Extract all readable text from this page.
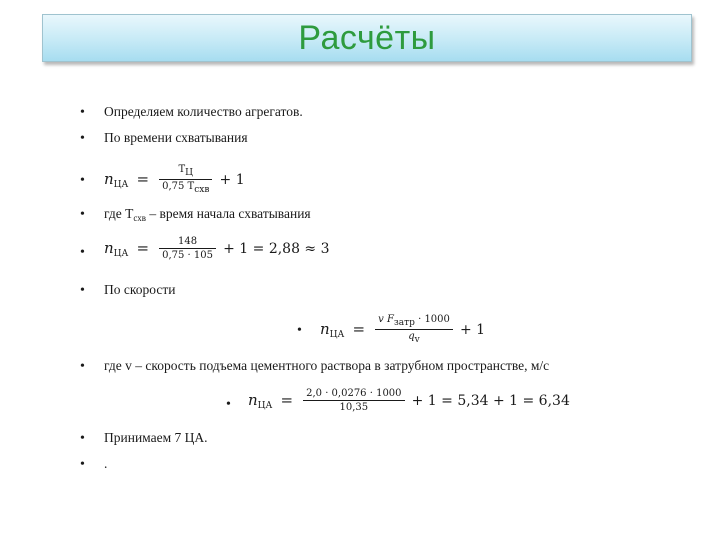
Расчёты
• Определяем количество агрегатов.
• По времени схватывания
• $n_{ЦА} = \frac{ТЦ}{\text{0,75 Тсхв}} + 1$
• где $Т_{схв}$ – время начала схватывания
• $n_{ЦА} = \frac{148}{0,75 \cdot 105} + 1 = 2,88 \approx 3$
• По скорости
• $n_{ЦА} = \frac{\text{v Fзатр · 1000}}{qv} + 1$
• где v – скорость подъема цементного раствора в затрубном пространстве, м/с
• $n_{ЦА} = \frac{2,0 \cdot 0,0276 \cdot 1000}{10,35} + 1 = 5,34 + 1 = 6,34$
• Принимаем 7 ЦА.
• .
